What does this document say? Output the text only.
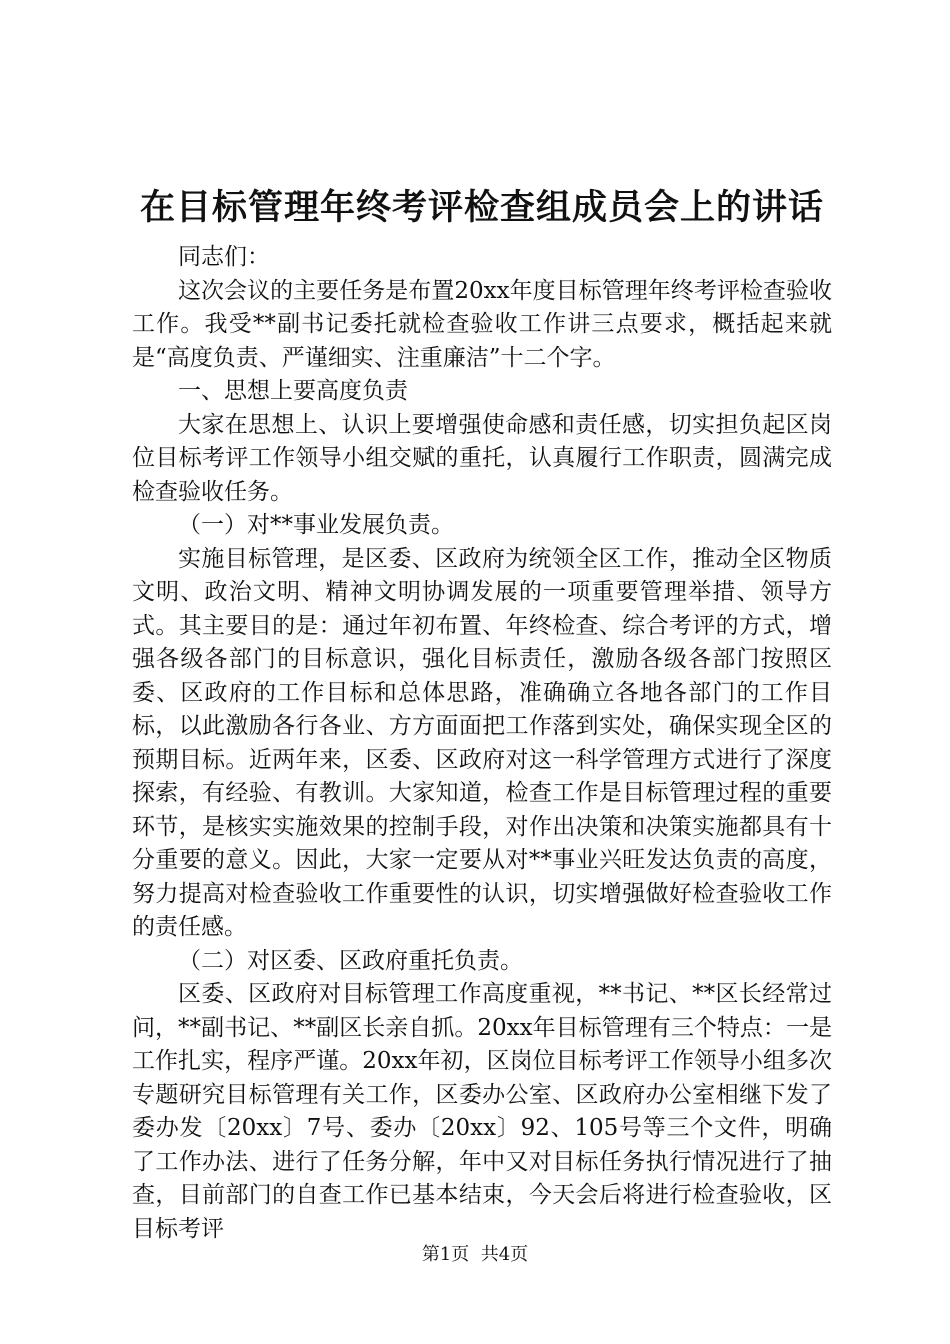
在目标管理年终考评检查组成员会上的讲话

同志们：

这次会议的主要任务是布置20xx年度目标管理年终考评检查验收工作。我受**副书记委托就检查验收工作讲三点要求，概括起来就是“高度负责、严谨细实、注重廉洁”十二个字。

一、思想上要高度负责

大家在思想上、认识上要增强使命感和责任感，切实担负起区岗位目标考评工作领导小组交赋的重托，认真履行工作职责，圆满完成检查验收任务。

（一）对**事业发展负责。

实施目标管理，是区委、区政府为统领全区工作，推动全区物质文明、政治文明、精神文明协调发展的一项重要管理举措、领导方式。其主要目的是：通过年初布置、年终检查、综合考评的方式，增强各级各部门的目标意识，强化目标责任，激励各级各部门按照区委、区政府的工作目标和总体思路，准确确立各地各部门的工作目标，以此激励各行各业、方方面面把工作落到实处，确保实现全区的预期目标。近两年来，区委、区政府对这一科学管理方式进行了深度探索，有经验、有教训。大家知道，检查工作是目标管理过程的重要环节，是核实实施效果的控制手段，对作出决策和决策实施都具有十分重要的意义。因此，大家一定要从对**事业兴旺发达负责的高度，努力提高对检查验收工作重要性的认识，切实增强做好检查验收工作的责任感。

（二）对区委、区政府重托负责。

区委、区政府对目标管理工作高度重视，**书记、**区长经常过问，**副书记、**副区长亲自抓。20xx年目标管理有三个特点：一是工作扎实，程序严谨。20xx年初，区岗位目标考评工作领导小组多次专题研究目标管理有关工作，区委办公室、区政府办公室相继下发了委办发〔20xx〕7号、委办〔20xx〕92、105号等三个文件，明确了工作办法、进行了任务分解，年中又对目标任务执行情况进行了抽查，目前部门的自查工作已基本结束，今天会后将进行检查验收，区目标考评

第1页  共4页
